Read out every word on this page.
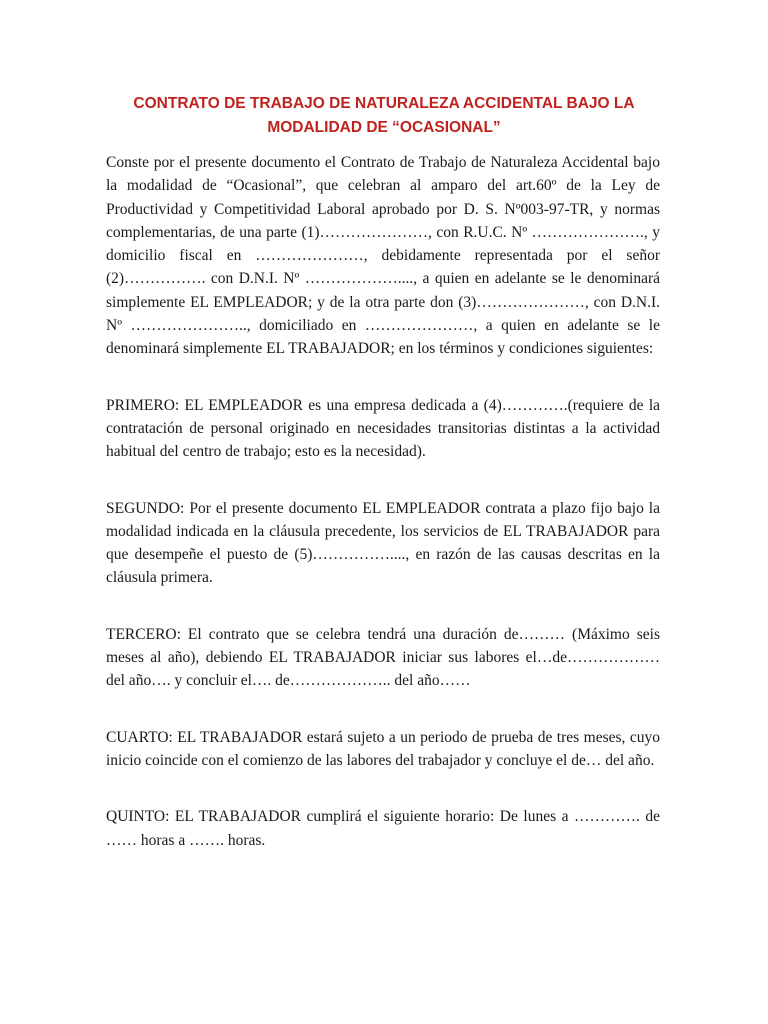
CONTRATO DE TRABAJO DE NATURALEZA ACCIDENTAL BAJO LA
MODALIDAD DE “OCASIONAL”

Conste por el presente documento el Contrato de Trabajo de Naturaleza Accidental bajo la modalidad de “Ocasional”, que celebran al amparo del art.60º de la Ley de Productividad y Competitividad Laboral aprobado por D. S. Nº003-97-TR, y normas complementarias, de una parte (1)…………………, con R.U.C. Nº …………………., y domicilio fiscal en …………………, debidamente representada por el señor (2)……………. con D.N.I. Nº ………………...., a quien en adelante se le denominará simplemente EL EMPLEADOR; y de la otra parte don (3)…………………, con D.N.I. Nº ………………….., domiciliado en …………………, a quien en adelante se le denominará simplemente EL TRABAJADOR; en los términos y condiciones siguientes:

PRIMERO: EL EMPLEADOR es una empresa dedicada a (4)………….(requiere de la contratación de personal originado en necesidades transitorias distintas a la actividad habitual del centro de trabajo; esto es la necesidad).

SEGUNDO: Por el presente documento EL EMPLEADOR contrata a plazo fijo bajo la modalidad indicada en la cláusula precedente, los servicios de EL TRABAJADOR para que desempeñe el puesto de (5)……………...., en razón de las causas descritas en la cláusula primera.

TERCERO: El contrato que se celebra tendrá una duración de……… (Máximo seis meses al año), debiendo EL TRABAJADOR iniciar sus labores el…de……………… del año…. y concluir el…. de……………….. del año……

CUARTO: EL TRABAJADOR estará sujeto a un periodo de prueba de tres meses, cuyo inicio coincide con el comienzo de las labores del trabajador y concluye el de… del año.

QUINTO: EL TRABAJADOR cumplirá el siguiente horario: De lunes a …………. de …… horas a ……. horas.
